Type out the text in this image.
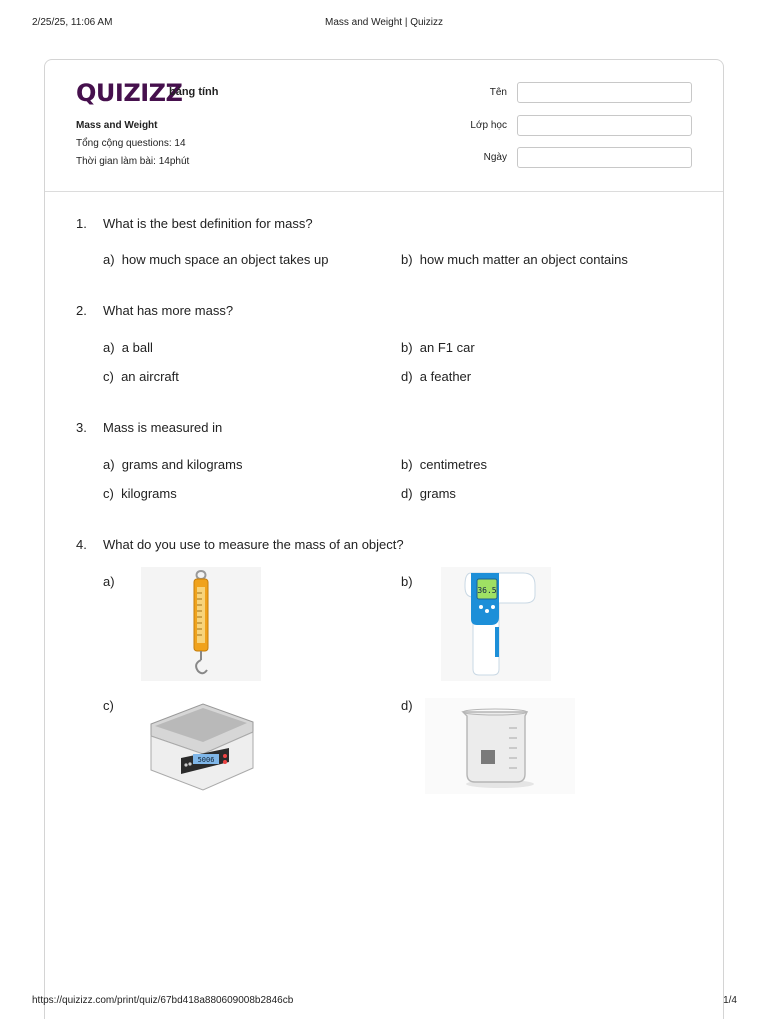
2/25/25, 11:06 AM	Mass and Weight | Quizizz
QUIZIZZ
bảng tính
Mass and Weight
Tổng cộng questions: 14
Thời gian làm bài: 14phút
Tên
Lớp học
Ngày
1.	What is the best definition for mass?
a) how much space an object takes up	b) how much matter an object contains
2.	What has more mass?
a) a ball	b) an F1 car
c) an aircraft	d) a feather
3.	Mass is measured in
a) grams and kilograms	b) centimetres
c) kilograms	d) grams
4.	What do you use to measure the mass of an object?
a)	b)
36.5
c)
5006
d)
https://quizizz.com/print/quiz/67bd418a880609008b2846cb	1/4
